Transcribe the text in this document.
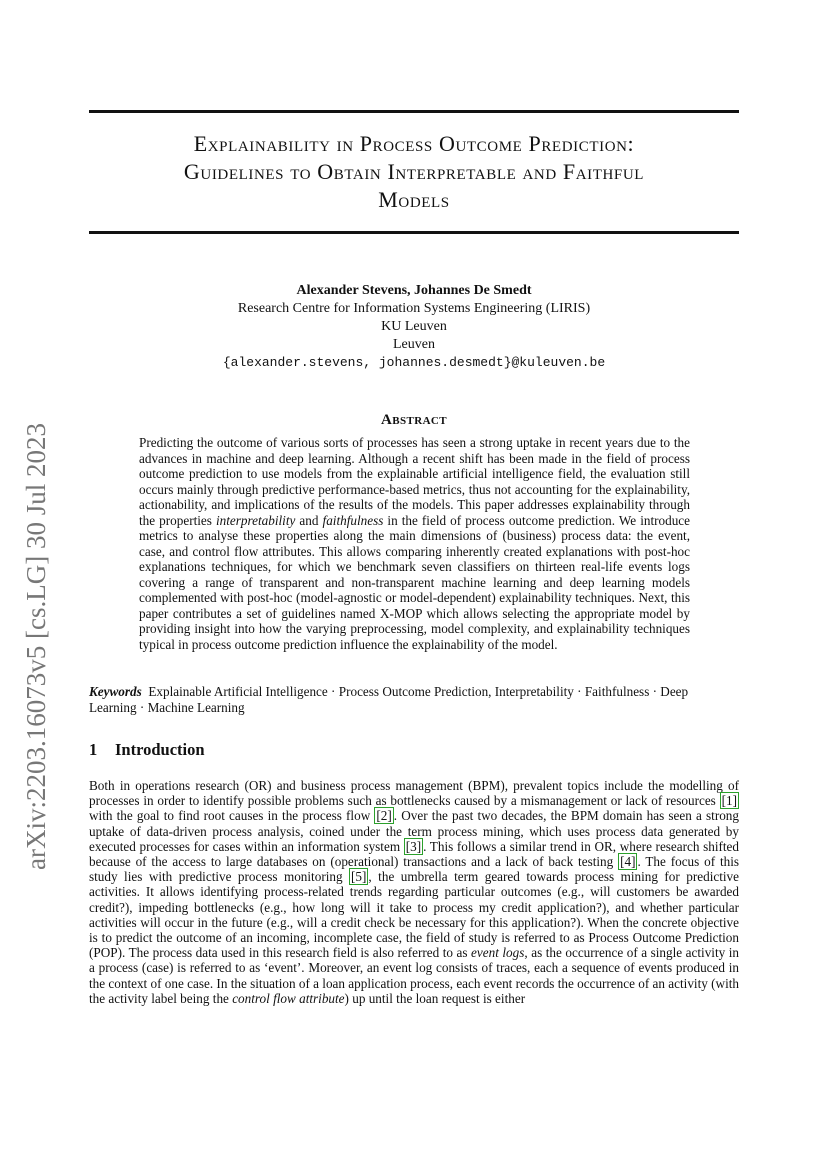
arXiv:2203.16073v5 [cs.LG] 30 Jul 2023
Explainability in Process Outcome Prediction:
Guidelines to Obtain Interpretable and Faithful
Models
Alexander Stevens, Johannes De Smedt
Research Centre for Information Systems Engineering (LIRIS)
KU Leuven
Leuven
{alexander.stevens, johannes.desmedt}@kuleuven.be
Abstract
Predicting the outcome of various sorts of processes has seen a strong uptake in recent years due to the advances in machine and deep learning. Although a recent shift has been made in the field of process outcome prediction to use models from the explainable artificial intelligence field, the evaluation still occurs mainly through predictive performance-based metrics, thus not accounting for the explainability, actionability, and implications of the results of the models. This paper addresses explainability through the properties interpretability and faithfulness in the field of process outcome prediction. We introduce metrics to analyse these properties along the main dimensions of (business) process data: the event, case, and control flow attributes. This allows comparing inherently created explanations with post-hoc explanations techniques, for which we benchmark seven classifiers on thirteen real-life events logs covering a range of transparent and non-transparent machine learning and deep learning models complemented with post-hoc (model-agnostic or model-dependent) explainability techniques. Next, this paper contributes a set of guidelines named X-MOP which allows selecting the appropriate model by providing insight into how the varying preprocessing, model complexity, and explainability techniques typical in process outcome prediction influence the explainability of the model.
Keywords Explainable Artificial Intelligence · Process Outcome Prediction, Interpretability · Faithfulness · Deep Learning · Machine Learning
1 Introduction
Both in operations research (OR) and business process management (BPM), prevalent topics include the modelling of processes in order to identify possible problems such as bottlenecks caused by a mismanagement or lack of resources [1] with the goal to find root causes in the process flow [2] . Over the past two decades, the BPM domain has seen a strong uptake of data-driven process analysis, coined under the term process mining, which uses process data generated by executed processes for cases within an information system [3] . This follows a similar trend in OR, where research shifted because of the access to large databases on (operational) transactions and a lack of back testing [4] . The focus of this study lies with predictive process monitoring [5] , the umbrella term geared towards process mining for predictive activities. It allows identifying process-related trends regarding particular outcomes (e.g., will customers be awarded credit?), impeding bottlenecks (e.g., how long will it take to process my credit application?), and whether particular activities will occur in the future (e.g., will a credit check be necessary for this application?). When the concrete objective is to predict the outcome of an incoming, incomplete case, the field of study is referred to as Process Outcome Prediction (POP). The process data used in this research field is also referred to as event logs, as the occurrence of a single activity in a process (case) is referred to as ‘event’. Moreover, an event log consists of traces, each a sequence of events produced in the context of one case. In the situation of a loan application process, each event records the occurrence of an activity (with the activity label being the control flow attribute) up until the loan request is either
